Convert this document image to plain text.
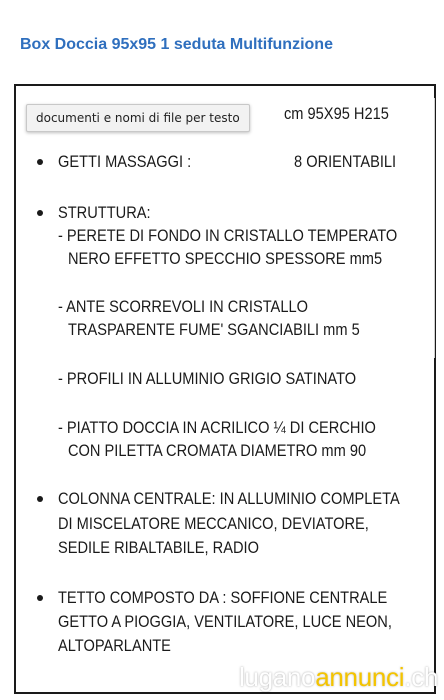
Box Doccia 95x95 1 seduta Multifunzione
documenti e nomi di file per testo	cm 95X95 H215
GETTI MASSAGGI :	8 ORIENTABILI
STRUTTURA:
- PERETE DI FONDO IN CRISTALLO TEMPERATO
NERO EFFETTO SPECCHIO SPESSORE mm5
- ANTE SCORREVOLI IN CRISTALLO
TRASPARENTE FUME' SGANCIABILI mm 5
- PROFILI IN ALLUMINIO GRIGIO SATINATO
- PIATTO DOCCIA IN ACRILICO ¼ DI CERCHIO
CON PILETTA CROMATA DIAMETRO mm 90
COLONNA CENTRALE: IN ALLUMINIO COMPLETA
DI MISCELATORE MECCANICO, DEVIATORE,
SEDILE RIBALTABILE, RADIO
TETTO COMPOSTO DA : SOFFIONE CENTRALE
GETTO A PIOGGIA, VENTILATORE, LUCE NEON,
ALTOPARLANTE
luganoannunci.ch
